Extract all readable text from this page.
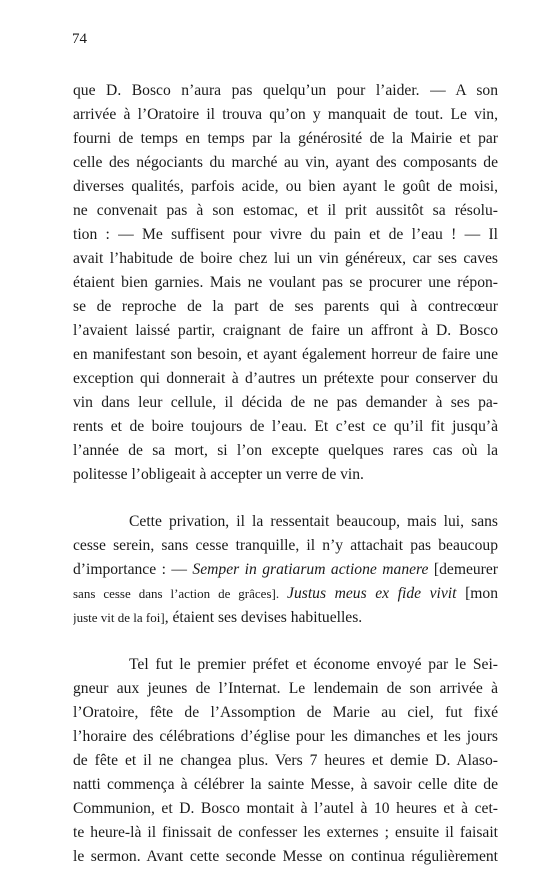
74
que D. Bosco n’aura pas quelqu’un pour l’aider. — A son
arrivée à l’Oratoire il trouva qu’on y manquait de tout. Le vin,
fourni de temps en temps par la générosité de la Mairie et par
celle des négociants du marché au vin, ayant des composants de
diverses qualités, parfois acide, ou bien ayant le goût de moisi,
ne convenait pas à son estomac, et il prit aussitôt sa résolu-
tion : — Me suffisent pour vivre du pain et de l’eau ! — Il
avait l’habitude de boire chez lui un vin généreux, car ses caves
étaient bien garnies. Mais ne voulant pas se procurer une répon-
se de reproche de la part de ses parents qui à contrecœur
l’avaient laissé partir, craignant de faire un affront à D. Bosco
en manifestant son besoin, et ayant également horreur de faire une
exception qui donnerait à d’autres un prétexte pour conserver du
vin dans leur cellule, il décida de ne pas demander à ses pa-
rents et de boire toujours de l’eau. Et c’est ce qu’il fit jusqu’à
l’année de sa mort, si l’on excepte quelques rares cas où la
politesse l’obligeait à accepter un verre de vin.
Cette privation, il la ressentait beaucoup, mais lui, sans
cesse serein, sans cesse tranquille, il n’y attachait pas beaucoup
d’importance : — Semper in gratiarum actione manere [demeurer
sans cesse dans l’action de grâces]. Justus meus ex fide vivit [mon
juste vit de la foi], étaient ses devises habituelles.
Tel fut le premier préfet et économe envoyé par le Sei-
gneur aux jeunes de l’Internat. Le lendemain de son arrivée à
l’Oratoire, fête de l’Assomption de Marie au ciel, fut fixé
l’horaire des célébrations d’église pour les dimanches et les jours
de fête et il ne changea plus. Vers 7 heures et demie D. Alaso-
natti commença à célébrer la sainte Messe, à savoir celle dite de
Communion, et D. Bosco montait à l’autel à 10 heures et à cet-
te heure-là il finissait de confesser les externes ; ensuite il faisait
le sermon. Avant cette seconde Messe on continua régulièrement
